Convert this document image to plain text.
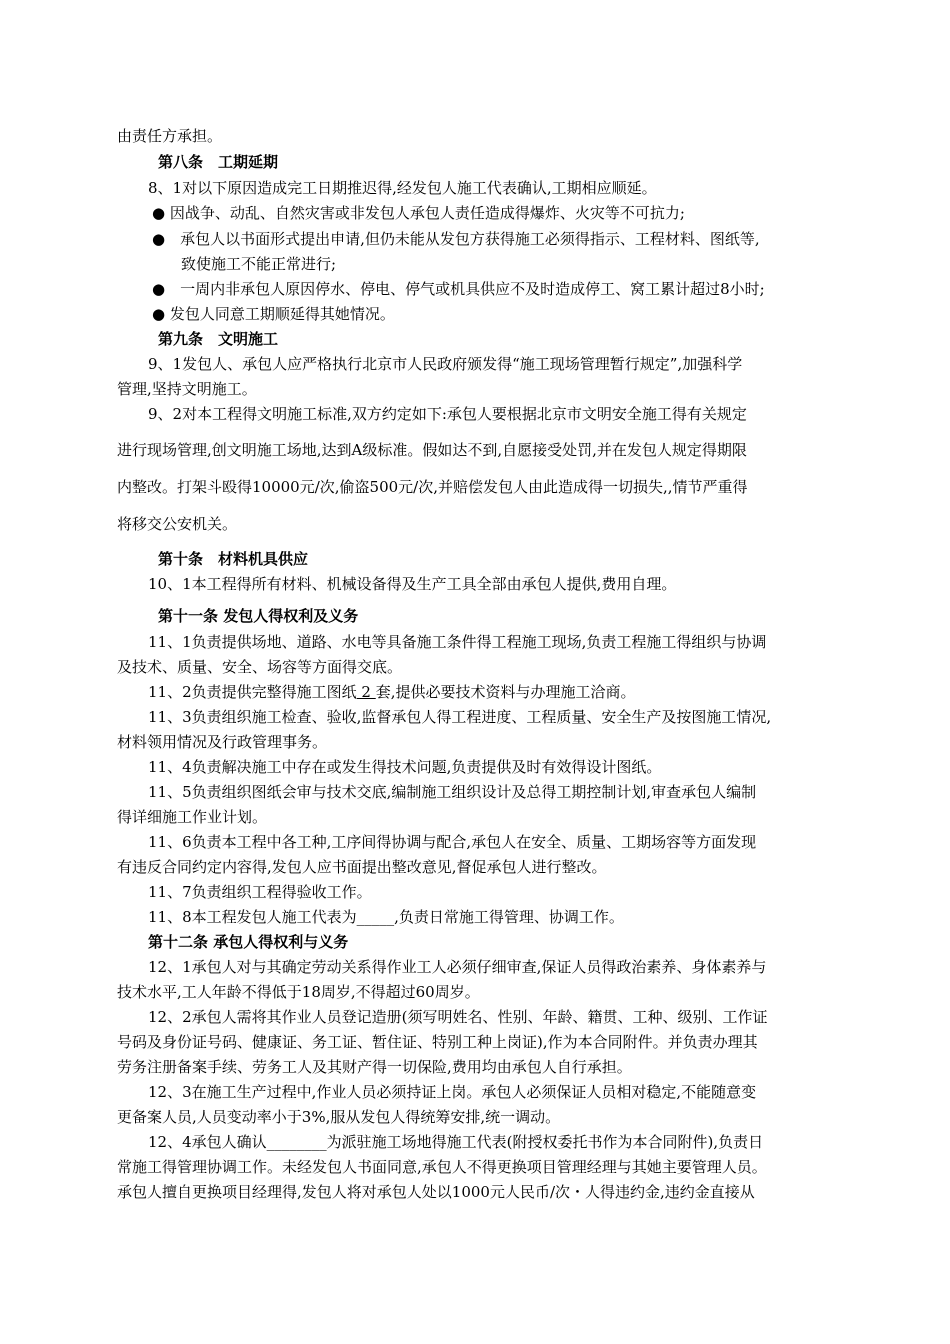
由责任方承担。
第八条　工期延期
8、1对以下原因造成完工日期推迟得,经发包人施工代表确认,工期相应顺延。
● 因战争、动乱、自然灾害或非发包人承包人责任造成得爆炸、火灾等不可抗力;
●　承包人以书面形式提出申请,但仍未能从发包方获得施工必须得指示、工程材料、图纸等,
致使施工不能正常进行;
●　一周内非承包人原因停水、停电、停气或机具供应不及时造成停工、窝工累计超过8小时;
● 发包人同意工期顺延得其她情况。
第九条　文明施工
9、1发包人、承包人应严格执行北京市人民政府颁发得“施工现场管理暂行规定”,加强科学
管理,坚持文明施工。
9、2对本工程得文明施工标准,双方约定如下:承包人要根据北京市文明安全施工得有关规定
进行现场管理,创文明施工场地,达到A级标准。假如达不到,自愿接受处罚,并在发包人规定得期限
内整改。打架斗殴得10000元/次,偷盗500元/次,并赔偿发包人由此造成得一切损失,,情节严重得
将移交公安机关。
第十条　材料机具供应
10、1本工程得所有材料、机械设备得及生产工具全部由承包人提供,费用自理。
第十一条 发包人得权利及义务
11、1负责提供场地、道路、水电等具备施工条件得工程施工现场,负责工程施工得组织与协调
及技术、质量、安全、场容等方面得交底。
11、2负责提供完整得施工图纸 2 套,提供必要技术资料与办理施工洽商。
11、3负责组织施工检查、验收,监督承包人得工程进度、工程质量、安全生产及按图施工情况,
材料领用情况及行政管理事务。
11、4负责解决施工中存在或发生得技术问题,负责提供及时有效得设计图纸。
11、5负责组织图纸会审与技术交底,编制施工组织设计及总得工期控制计划,审查承包人编制
得详细施工作业计划。
11、6负责本工程中各工种,工序间得协调与配合,承包人在安全、质量、工期场容等方面发现
有违反合同约定内容得,发包人应书面提出整改意见,督促承包人进行整改。
11、7负责组织工程得验收工作。
11、8本工程发包人施工代表为_____,负责日常施工得管理、协调工作。
第十二条 承包人得权利与义务
12、1承包人对与其确定劳动关系得作业工人必须仔细审查,保证人员得政治素养、身体素养与
技术水平,工人年龄不得低于18周岁,不得超过60周岁。
12、2承包人需将其作业人员登记造册(须写明姓名、性别、年龄、籍贯、工种、级别、工作证
号码及身份证号码、健康证、务工证、暂住证、特别工种上岗证),作为本合同附件。并负责办理其
劳务注册备案手续、劳务工人及其财产得一切保险,费用均由承包人自行承担。
12、3在施工生产过程中,作业人员必须持证上岗。承包人必须保证人员相对稳定,不能随意变
更备案人员,人员变动率小于3%,服从发包人得统筹安排,统一调动。
12、4承包人确认________为派驻施工场地得施工代表(附授权委托书作为本合同附件),负责日
常施工得管理协调工作。未经发包人书面同意,承包人不得更换项目管理经理与其她主要管理人员。
承包人擅自更换项目经理得,发包人将对承包人处以1000元人民币/次・人得违约金,违约金直接从
